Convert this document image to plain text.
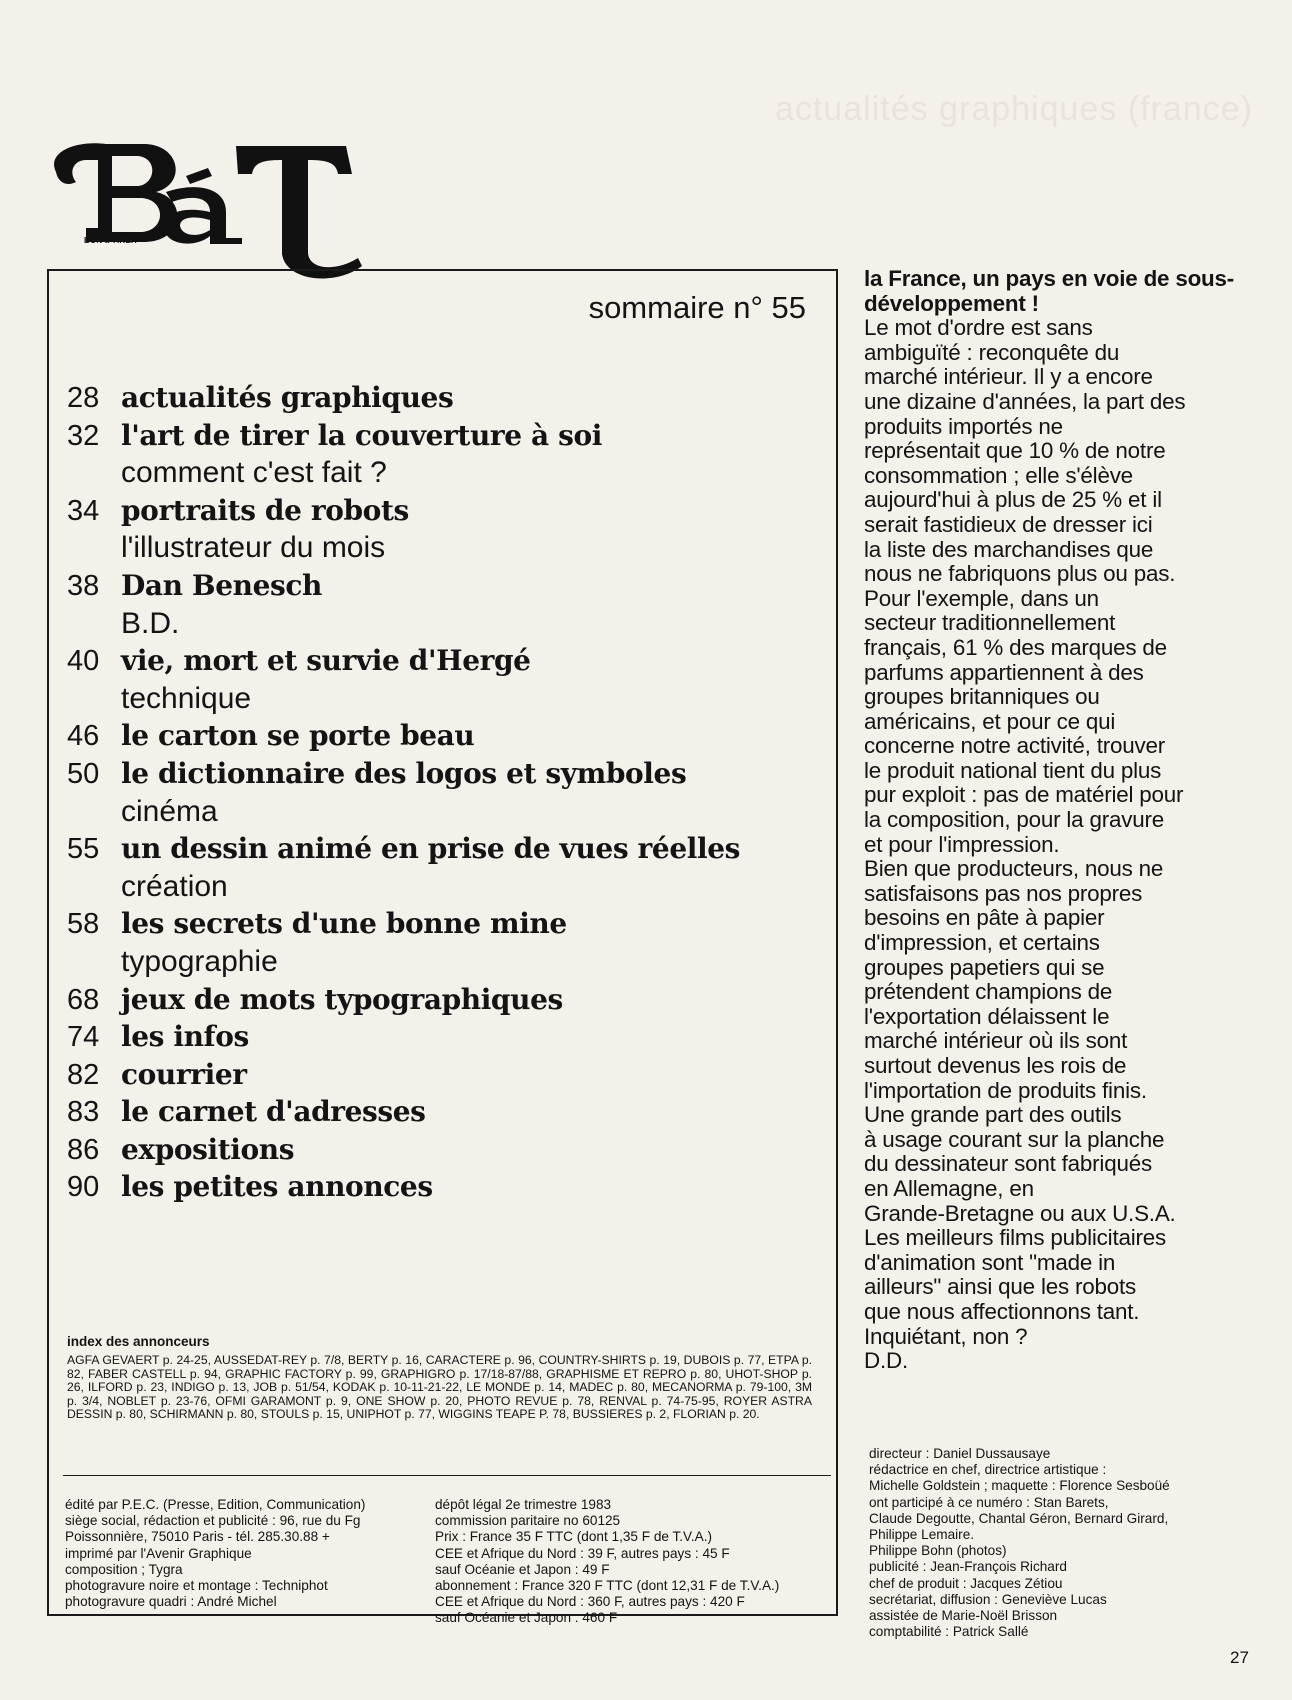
actualités graphiques (france)
BON à TIRER
sommaire n° 55
28 actualités graphiques
32 l'art de tirer la couverture à soi
comment c'est fait ?
34 portraits de robots
l'illustrateur du mois
38 Dan Benesch
B.D.
40 vie, mort et survie d'Hergé
technique
46 le carton se porte beau
50 le dictionnaire des logos et symboles
cinéma
55 un dessin animé en prise de vues réelles
création
58 les secrets d'une bonne mine
typographie
68 jeux de mots typographiques
74 les infos
82 courrier
83 le carnet d'adresses
86 expositions
90 les petites annonces
index des annonceurs
AGFA GEVAERT p. 24-25, AUSSEDAT-REY p. 7/8, BERTY p. 16, CARACTERE p. 96, COUNTRY-SHIRTS p. 19, DUBOIS p. 77, ETPA p. 82, FABER CASTELL p. 94, GRAPHIC FACTORY p. 99, GRAPHIGRO p. 17/18-87/88, GRAPHISME ET REPRO p. 80, UHOT-SHOP p. 26, ILFORD p. 23, INDIGO p. 13, JOB p. 51/54, KODAK p. 10-11-21-22, LE MONDE p. 14, MADEC p. 80, MECANORMA p. 79-100, 3M p. 3/4, NOBLET p. 23-76, OFMI GARAMONT p. 9, ONE SHOW p. 20, PHOTO REVUE p. 78, RENVAL p. 74-75-95, ROYER ASTRA DESSIN p. 80, SCHIRMANN p. 80, STOULS p. 15, UNIPHOT p. 77, WIGGINS TEAPE P. 78, BUSSIERES p. 2, FLORIAN p. 20.
édité par P.E.C. (Presse, Edition, Communication)
siège social, rédaction et publicité : 96, rue du Fg
Poissonnière, 75010 Paris - tél. 285.30.88 +
imprimé par l'Avenir Graphique
composition ; Tygra
photogravure noire et montage : Techniphot
photogravure quadri : André Michel
dépôt légal 2e trimestre 1983
commission paritaire no 60125
Prix : France 35 F TTC (dont 1,35 F de T.V.A.)
CEE et Afrique du Nord : 39 F, autres pays : 45 F
sauf Océanie et Japon : 49 F
abonnement : France 320 F TTC (dont 12,31 F de T.V.A.)
CEE et Afrique du Nord : 360 F, autres pays : 420 F
sauf Océanie et Japon : 460 F
la France, un pays en voie de sous-développement !
Le mot d'ordre est sans
ambiguïté : reconquête du
marché intérieur. Il y a encore
une dizaine d'années, la part des
produits importés ne
représentait que 10 % de notre
consommation ; elle s'élève
aujourd'hui à plus de 25 % et il
serait fastidieux de dresser ici
la liste des marchandises que
nous ne fabriquons plus ou pas.
Pour l'exemple, dans un
secteur traditionnellement
français, 61 % des marques de
parfums appartiennent à des
groupes britanniques ou
américains, et pour ce qui
concerne notre activité, trouver
le produit national tient du plus
pur exploit : pas de matériel pour
la composition, pour la gravure
et pour l'impression.
Bien que producteurs, nous ne
satisfaisons pas nos propres
besoins en pâte à papier
d'impression, et certains
groupes papetiers qui se
prétendent champions de
l'exportation délaissent le
marché intérieur où ils sont
surtout devenus les rois de
l'importation de produits finis.
Une grande part des outils
à usage courant sur la planche
du dessinateur sont fabriqués
en Allemagne, en
Grande-Bretagne ou aux U.S.A.
Les meilleurs films publicitaires
d'animation sont "made in
ailleurs" ainsi que les robots
que nous affectionnons tant.
Inquiétant, non ?
D.D.
directeur : Daniel Dussausaye
rédactrice en chef, directrice artistique :
Michelle Goldstein ; maquette : Florence Sesboüé
ont participé à ce numéro : Stan Barets,
Claude Degoutte, Chantal Géron, Bernard Girard,
Philippe Lemaire.
Philippe Bohn (photos)
publicité : Jean-François Richard
chef de produit : Jacques Zétiou
secrétariat, diffusion : Geneviève Lucas
assistée de Marie-Noël Brisson
comptabilité : Patrick Sallé
27
